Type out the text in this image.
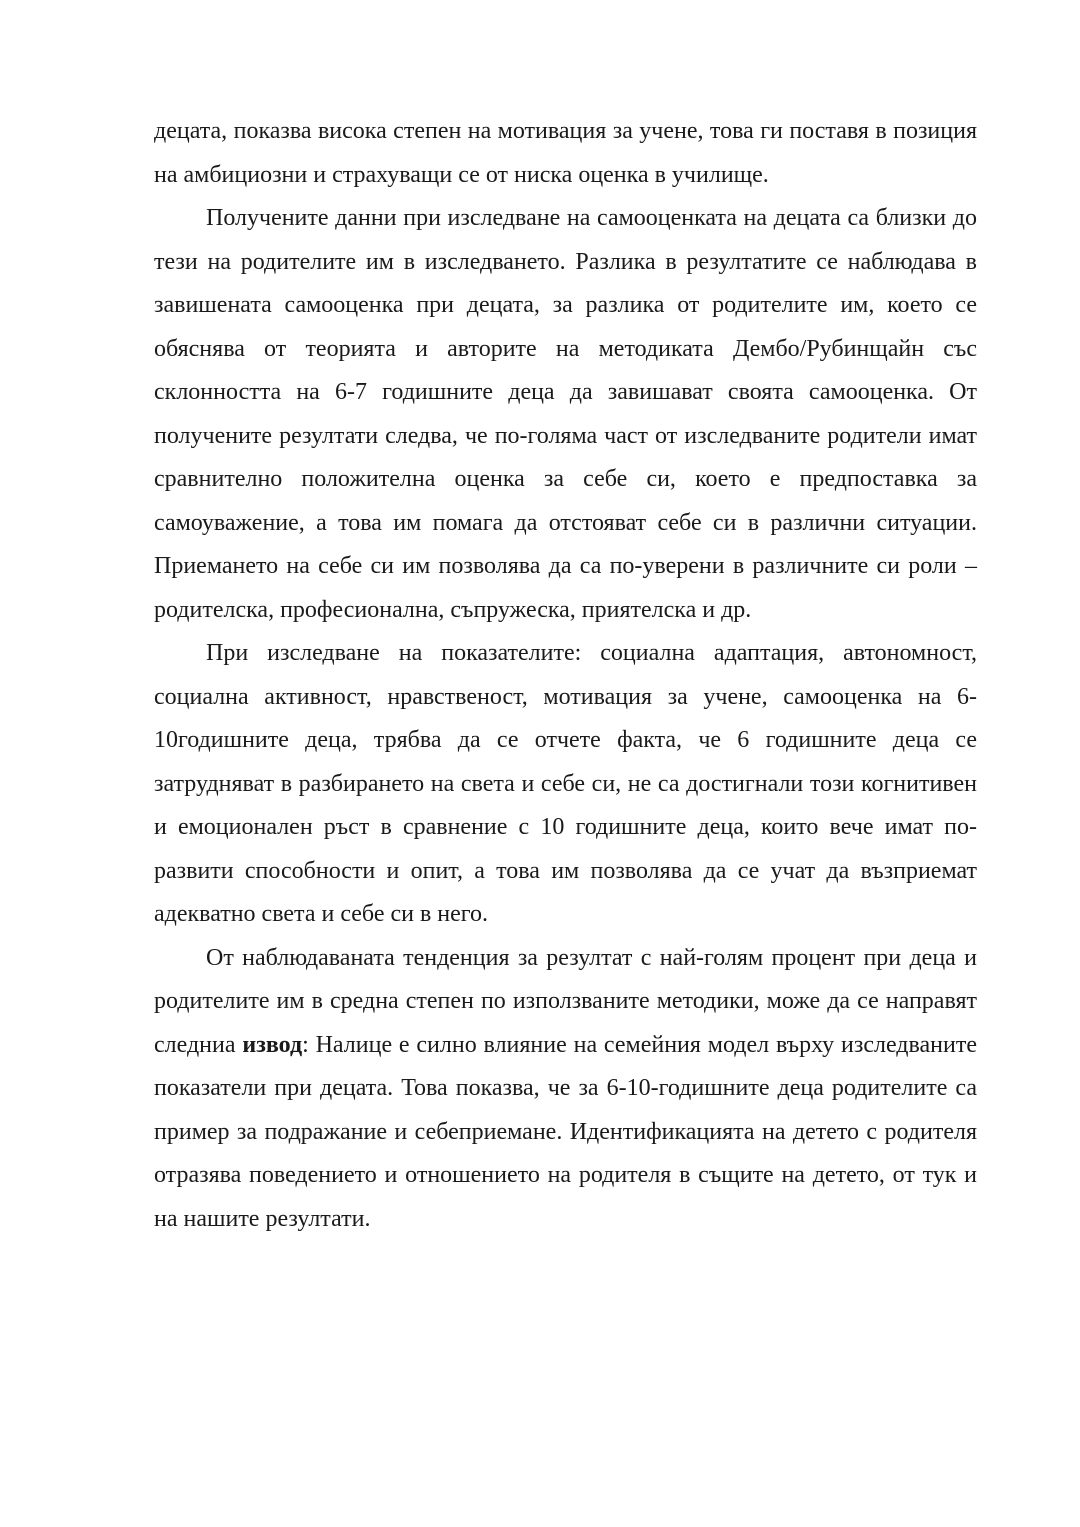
децата, показва висока степен на мотивация за учене, това ги поставя в позиция на амбициозни и страхуващи се от ниска оценка в училище.

Получените данни при изследване на самооценката на децата са близки до тези на родителите им в изследването. Разлика в резултатите се наблюдава в завишената самооценка при децата, за разлика от родителите им, което се обяснява от теорията и авторите на методиката Дембо/Рубинщайн със склонността на 6-7 годишните деца да завишават своята самооценка. От получените резултати следва, че по-голяма част от изследваните родители имат сравнително положителна оценка за себе си, което е предпоставка за самоуважение, а това им помага да отстояват себе си в различни ситуации. Приемането на себе си им позволява да са по-уверени в различните си роли – родителска, професионална, съпружеска, приятелска и др.

При изследване на показателите: социална адаптация, автономност, социална активност, нравственост, мотивация за учене, самооценка на 6-10годишните деца, трябва да се отчете факта, че 6 годишните деца се затрудняват в разбирането на света и себе си, не са достигнали този когнитивен и емоционален ръст в сравнение с 10 годишните деца, които вече имат по-развити способности и опит, а това им позволява да се учат да възприемат адекватно света и себе си в него.

От наблюдаваната тенденция за резултат с най-голям процент при деца и родителите им в средна степен по използваните методики, може да се направят следниа извод: Налице е силно влияние на семейния модел върху изследваните показатели при децата. Това показва, че за 6-10-годишните деца родителите са пример за подражание и себеприемане. Идентификацията на детето с родителя отразява поведението и отношението на родителя в същите на детето, от тук и на нашите резултати.
